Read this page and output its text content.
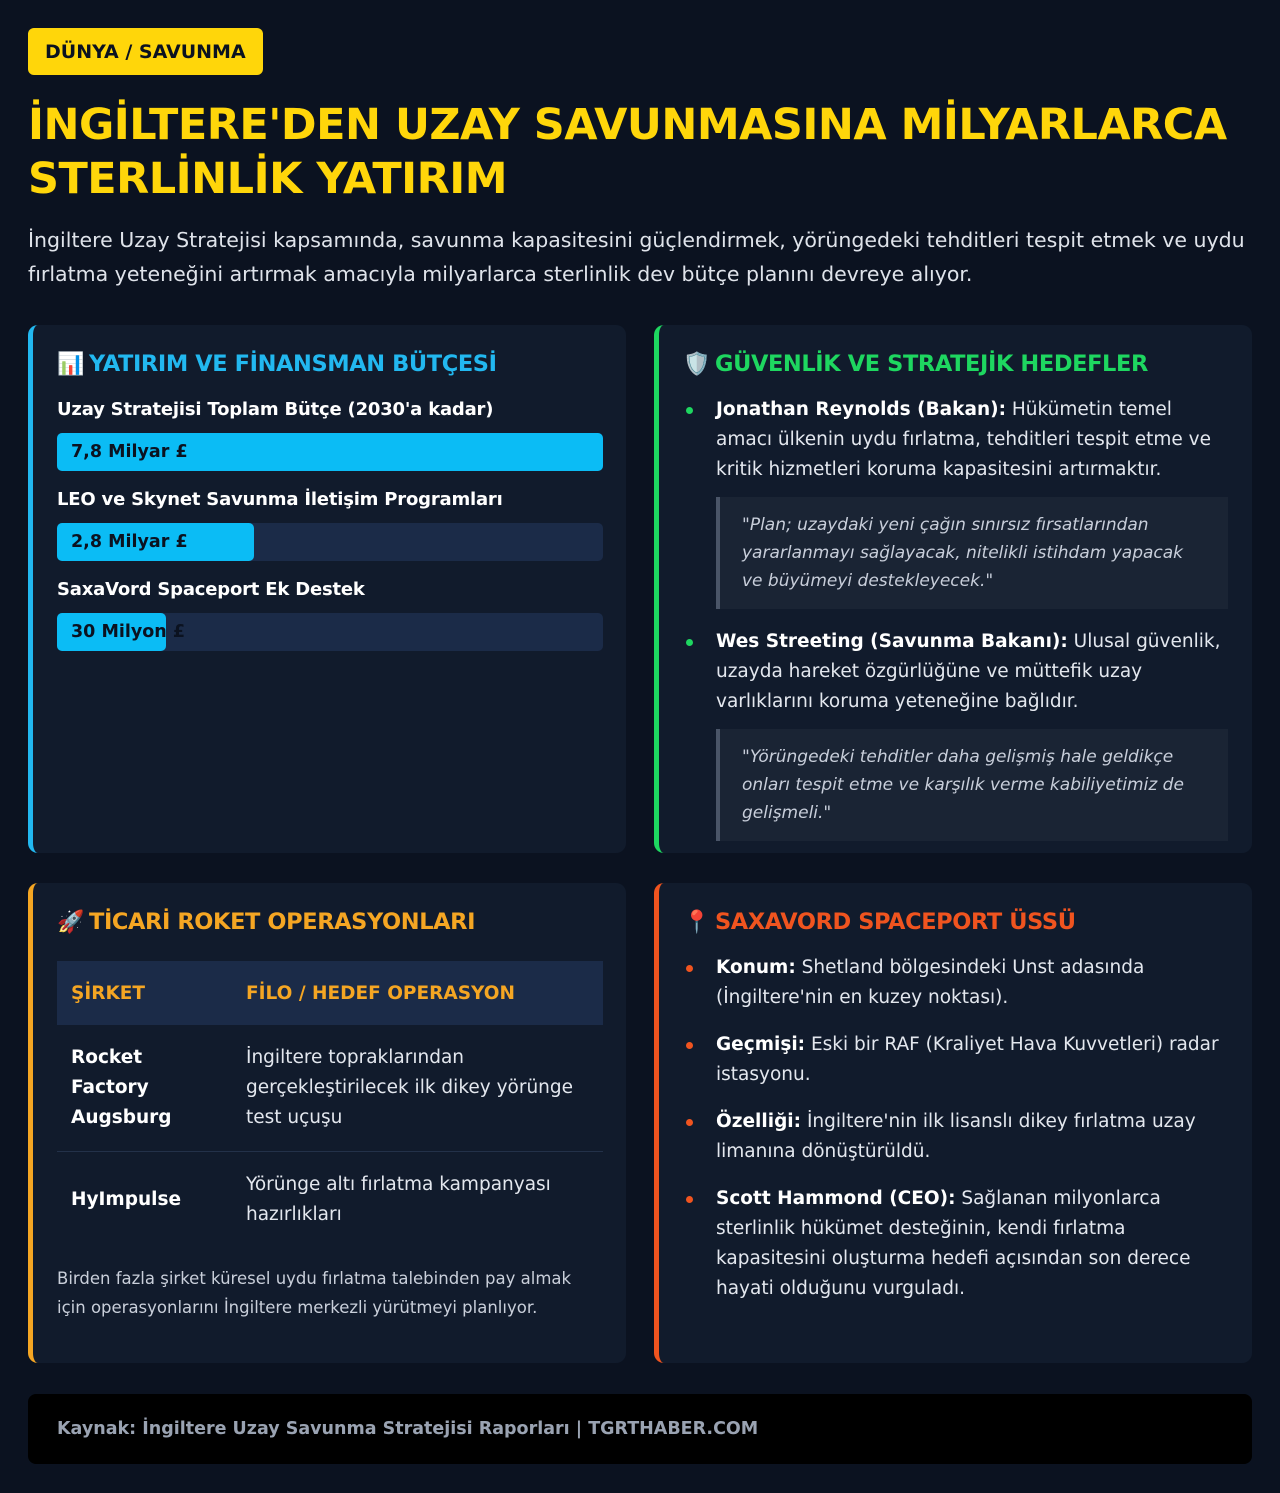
DÜNYA / SAVUNMA
İNGİLTERE'DEN UZAY SAVUNMASINA MİLYARLARCA STERLİNLİK YATIRIM

İngiltere Uzay Stratejisi kapsamında, savunma kapasitesini güçlendirmek, yörüngedeki tehditleri tespit etmek ve uydu fırlatma yeteneğini artırmak amacıyla milyarlarca sterlinlik dev bütçe planını devreye alıyor.

📊 YATIRIM VE FİNANSMAN BÜTÇESİ
Uzay Stratejisi Toplam Bütçe (2030'a kadar)
7,8 Milyar £
LEO ve Skynet Savunma İletişim Programları
2,8 Milyar £
SaxaVord Spaceport Ek Destek
30 Milyon £
🛡️ GÜVENLİK VE STRATEJİK HEDEFLER
Jonathan Reynolds (Bakan): Hükümetin temel amacı ülkenin uydu fırlatma, tehditleri tespit etme ve kritik hizmetleri koruma kapasitesini artırmaktır.
"Plan; uzaydaki yeni çağın sınırsız fırsatlarından yararlanmayı sağlayacak, nitelikli istihdam yapacak ve büyümeyi destekleyecek."
Wes Streeting (Savunma Bakanı): Ulusal güvenlik, uzayda hareket özgürlüğüne ve müttefik uzay varlıklarını koruma yeteneğine bağlıdır.
"Yörüngedeki tehditler daha gelişmiş hale geldikçe onları tespit etme ve karşılık verme kabiliyetimiz de gelişmeli."
🚀 TİCARİ ROKET OPERASYONLARI
ŞİRKET	FİLO / HEDEF OPERASYON
Rocket Factory Augsburg	İngiltere topraklarından gerçekleştirilecek ilk dikey yörünge test uçuşu
HyImpulse	Yörünge altı fırlatma kampanyası hazırlıkları

Birden fazla şirket küresel uydu fırlatma talebinden pay almak için operasyonlarını İngiltere merkezli yürütmeyi planlıyor.

📍 SAXAVORD SPACEPORT ÜSSÜ
Konum: Shetland bölgesindeki Unst adasında (İngiltere'nin en kuzey noktası).
Geçmişi: Eski bir RAF (Kraliyet Hava Kuvvetleri) radar istasyonu.
Özelliği: İngiltere'nin ilk lisanslı dikey fırlatma uzay limanına dönüştürüldü.
Scott Hammond (CEO): Sağlanan milyonlarca sterlinlik hükümet desteğinin, kendi fırlatma kapasitesini oluşturma hedefi açısından son derece hayati olduğunu vurguladı.
Kaynak: İngiltere Uzay Savunma Stratejisi Raporları | TGRTHABER.COM
